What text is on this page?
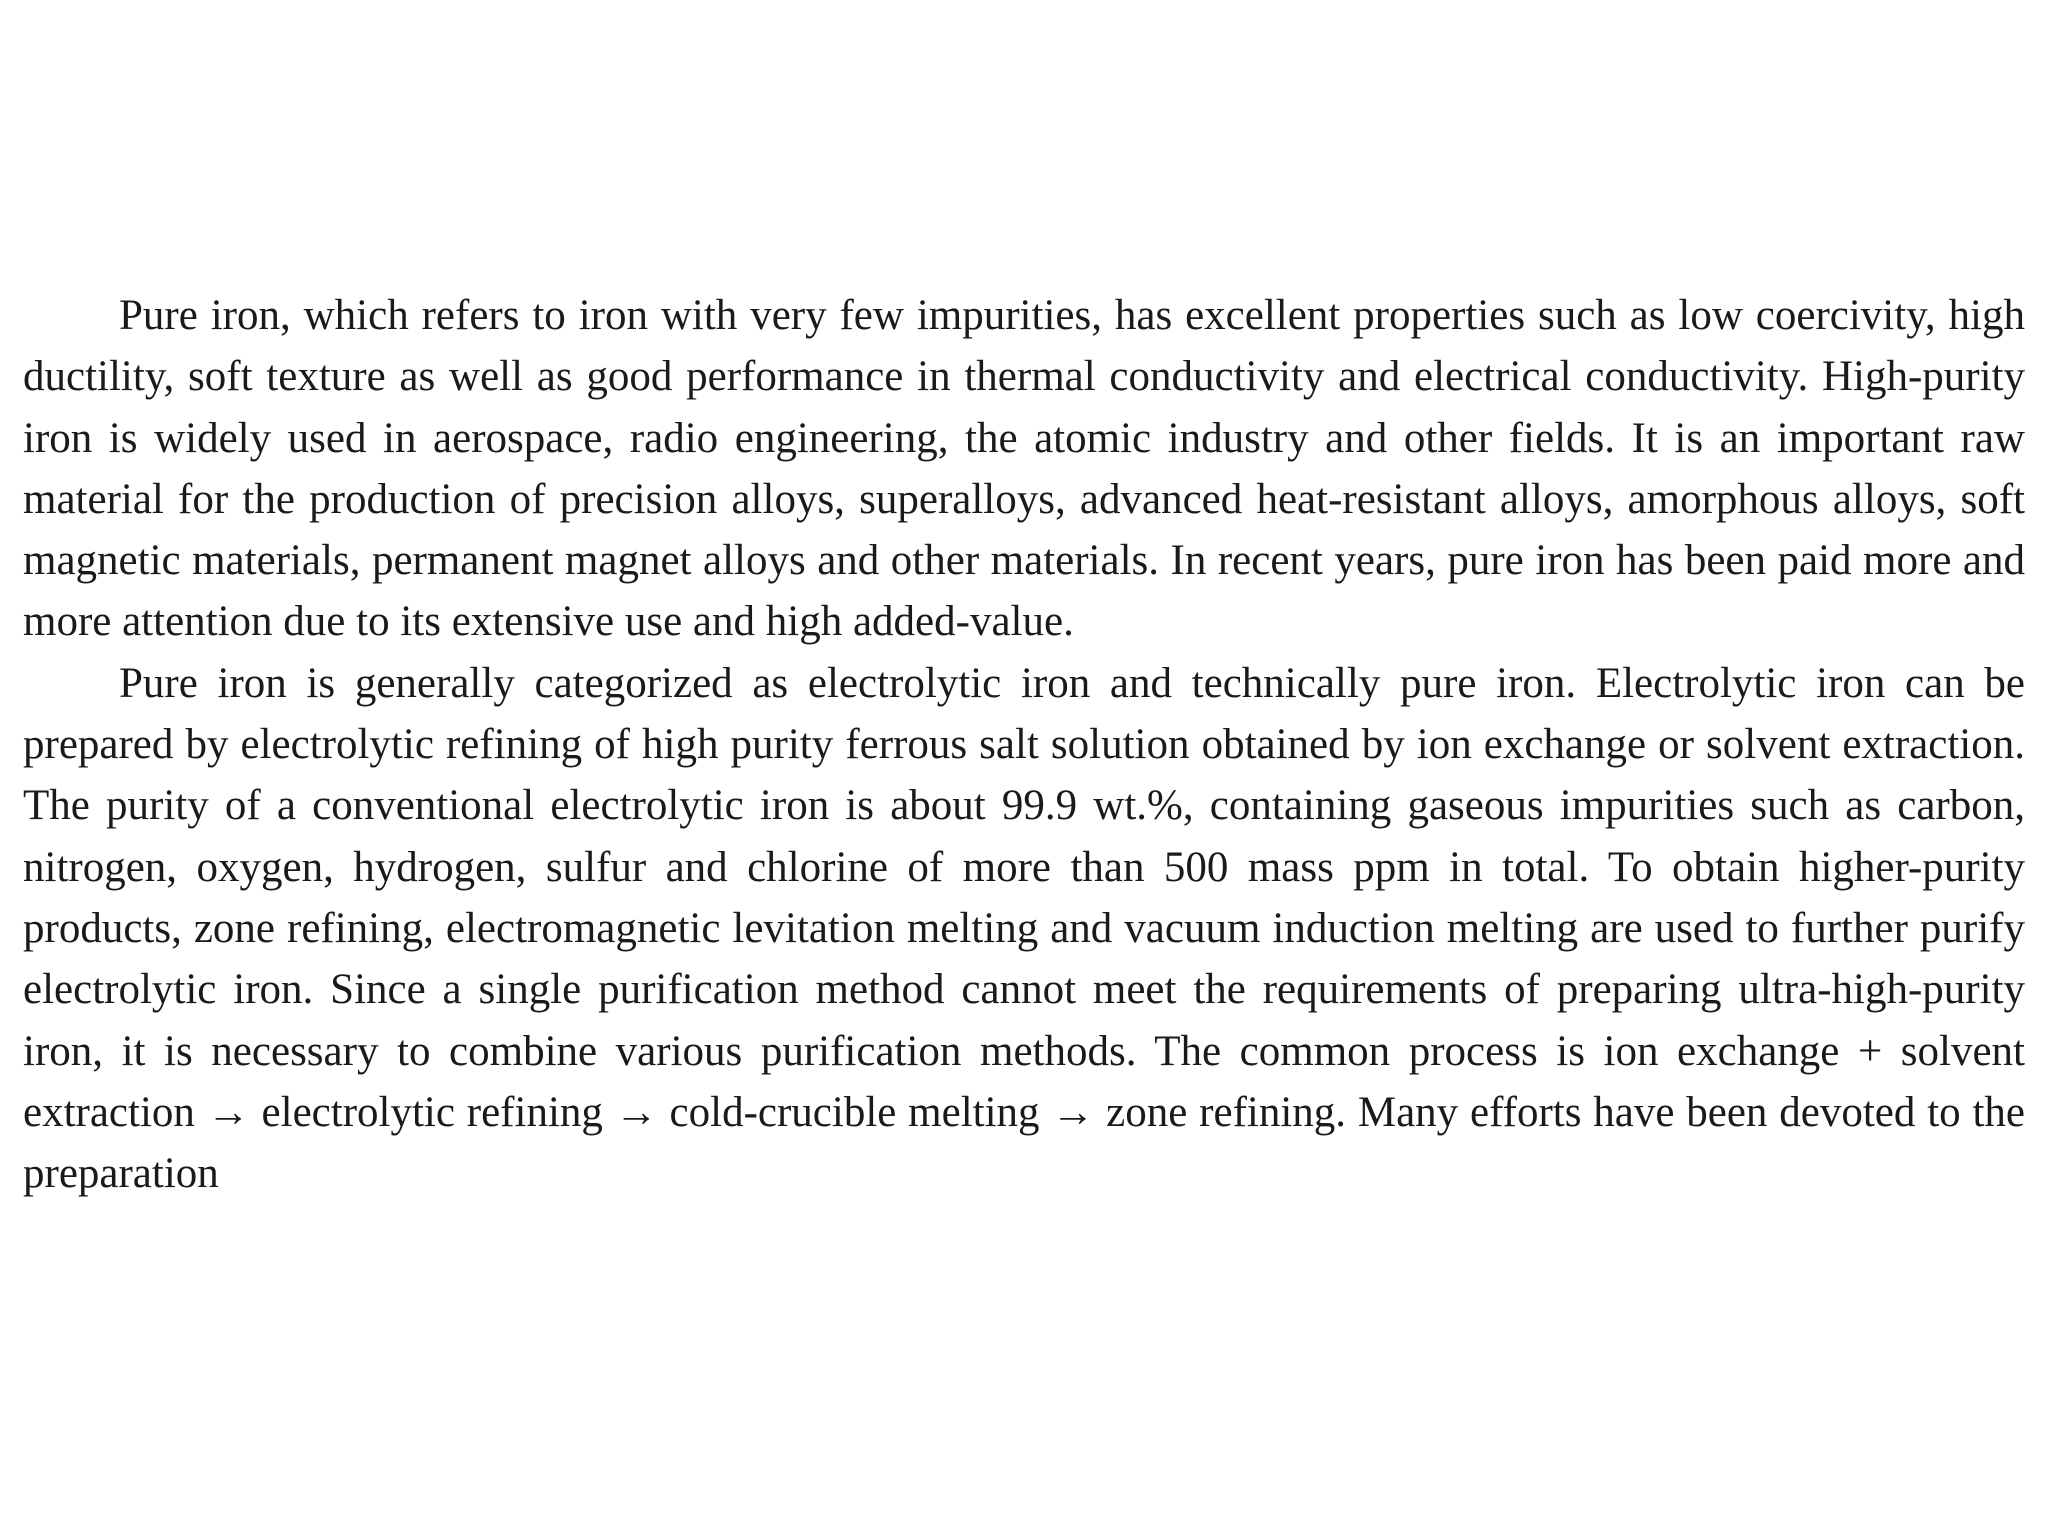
Pure iron, which refers to iron with very few impurities, has excellent properties such as low coercivity, high ductility, soft texture as well as good performance in thermal conductivity and electrical conductivity. High-purity iron is widely used in aerospace, radio engineering, the atomic industry and other fields. It is an important raw material for the production of precision alloys, superalloys, advanced heat-resistant alloys, amorphous alloys, soft magnetic materials, permanent magnet alloys and other materials. In recent years, pure iron has been paid more and more attention due to its extensive use and high added-value.

Pure iron is generally categorized as electrolytic iron and technically pure iron. Electrolytic iron can be prepared by electrolytic refining of high purity ferrous salt solution obtained by ion exchange or solvent extraction. The purity of a conventional electrolytic iron is about 99.9 wt.%, containing gaseous impurities such as carbon, nitrogen, oxygen, hydrogen, sulfur and chlorine of more than 500 mass ppm in total. To obtain higher-purity products, zone refining, electromagnetic levitation melting and vacuum induction melting are used to further purify electrolytic iron. Since a single purification method cannot meet the requirements of preparing ultra-high-purity iron, it is necessary to combine various purification methods. The common process is ion exchange + solvent extraction → electrolytic refining → cold-crucible melting → zone refining. Many efforts have been devoted to the preparation
